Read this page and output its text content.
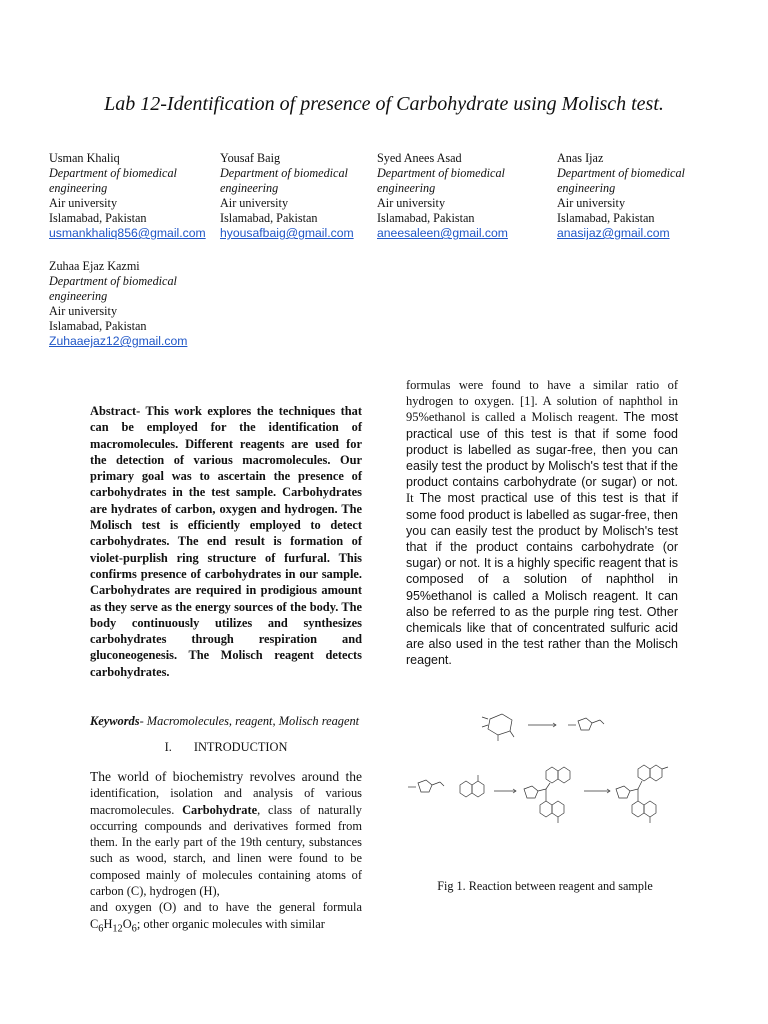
Lab 12-Identification of presence of Carbohydrate using Molisch test.
Usman Khaliq
Department of biomedical
engineering
Air university
Islamabad, Pakistan
usmankhaliq856@gmail.com
Yousaf Baig
Department of biomedical
engineering
Air university
Islamabad, Pakistan
hyousafbaig@gmail.com
Syed Anees Asad
Department of biomedical
engineering
Air university
Islamabad, Pakistan
aneesaleen@gmail.com
Anas Ijaz
Department of biomedical
engineering
Air university
Islamabad, Pakistan
anasijaz@gmail.com
Zuhaa Ejaz Kazmi
Department of biomedical
engineering
Air university
Islamabad, Pakistan
Zuhaaejaz12@gmail.com
Abstract- This work explores the techniques that can be employed for the identification of macromolecules. Different reagents are used for the detection of various macromolecules. Our primary goal was to ascertain the presence of carbohydrates in the test sample. Carbohydrates are hydrates of carbon, oxygen and hydrogen. The Molisch test is efficiently employed to detect carbohydrates. The end result is formation of violet-purplish ring structure of furfural. This confirms presence of carbohydrates in our sample. Carbohydrates are required in prodigious amount as they serve as the energy sources of the body. The body continuously utilizes and synthesizes carbohydrates through respiration and gluconeogenesis. The Molisch reagent detects carbohydrates.
Keywords- Macromolecules, reagent, Molisch reagent
I. INTRODUCTION
The world of biochemistry revolves around the identification, isolation and analysis of various macromolecules. Carbohydrate, class of naturally occurring compounds and derivatives formed from them. In the early part of the 19th century, substances such as wood, starch, and linen were found to be composed mainly of molecules containing atoms of carbon (C), hydrogen (H),
and oxygen (O) and to have the general formula $C_6H_{12}O_6$; other organic molecules with similar
formulas were found to have a similar ratio of hydrogen to oxygen. [1]. A solution of naphthol in 95%ethanol is called a Molisch reagent. The most practical use of this test is that if some food product is labelled as sugar-free, then you can easily test the product by Molisch's test that if the product contains carbohydrate (or sugar) or not. It The most practical use of this test is that if some food product is labelled as sugar-free, then you can easily test the product by Molisch's test that if the product contains carbohydrate (or sugar) or not. It is a highly specific reagent that is composed of a solution of naphthol in 95%ethanol is called a Molisch reagent. It can also be referred to as the purple ring test. Other chemicals like that of concentrated sulfuric acid are also used in the test rather than the Molisch reagent.
Fig 1. Reaction between reagent and sample
